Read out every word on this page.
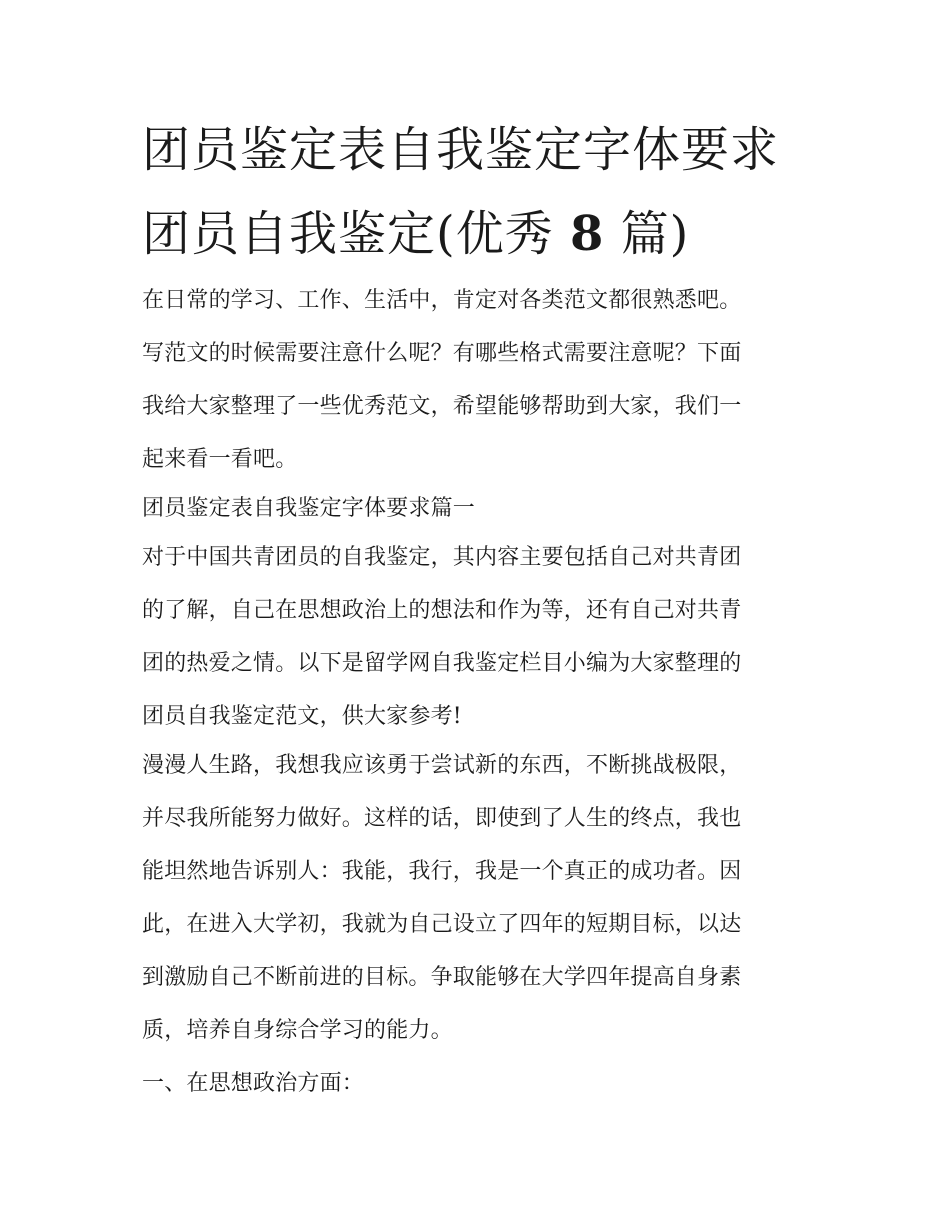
团员鉴定表自我鉴定字体要求
团员自我鉴定(优秀 8 篇)

在日常的学习、工作、生活中，肯定对各类范文都很熟悉吧。
写范文的时候需要注意什么呢？有哪些格式需要注意呢？下面
我给大家整理了一些优秀范文，希望能够帮助到大家，我们一
起来看一看吧。

团员鉴定表自我鉴定字体要求篇一

对于中国共青团员的自我鉴定，其内容主要包括自己对共青团
的了解，自己在思想政治上的想法和作为等，还有自己对共青
团的热爱之情。以下是留学网自我鉴定栏目小编为大家整理的
团员自我鉴定范文，供大家参考!

漫漫人生路，我想我应该勇于尝试新的东西，不断挑战极限，
并尽我所能努力做好。这样的话，即使到了人生的终点，我也
能坦然地告诉别人：我能，我行，我是一个真正的成功者。因
此，在进入大学初，我就为自己设立了四年的短期目标，以达
到激励自己不断前进的目标。争取能够在大学四年提高自身素
质，培养自身综合学习的能力。

一、在思想政治方面：
